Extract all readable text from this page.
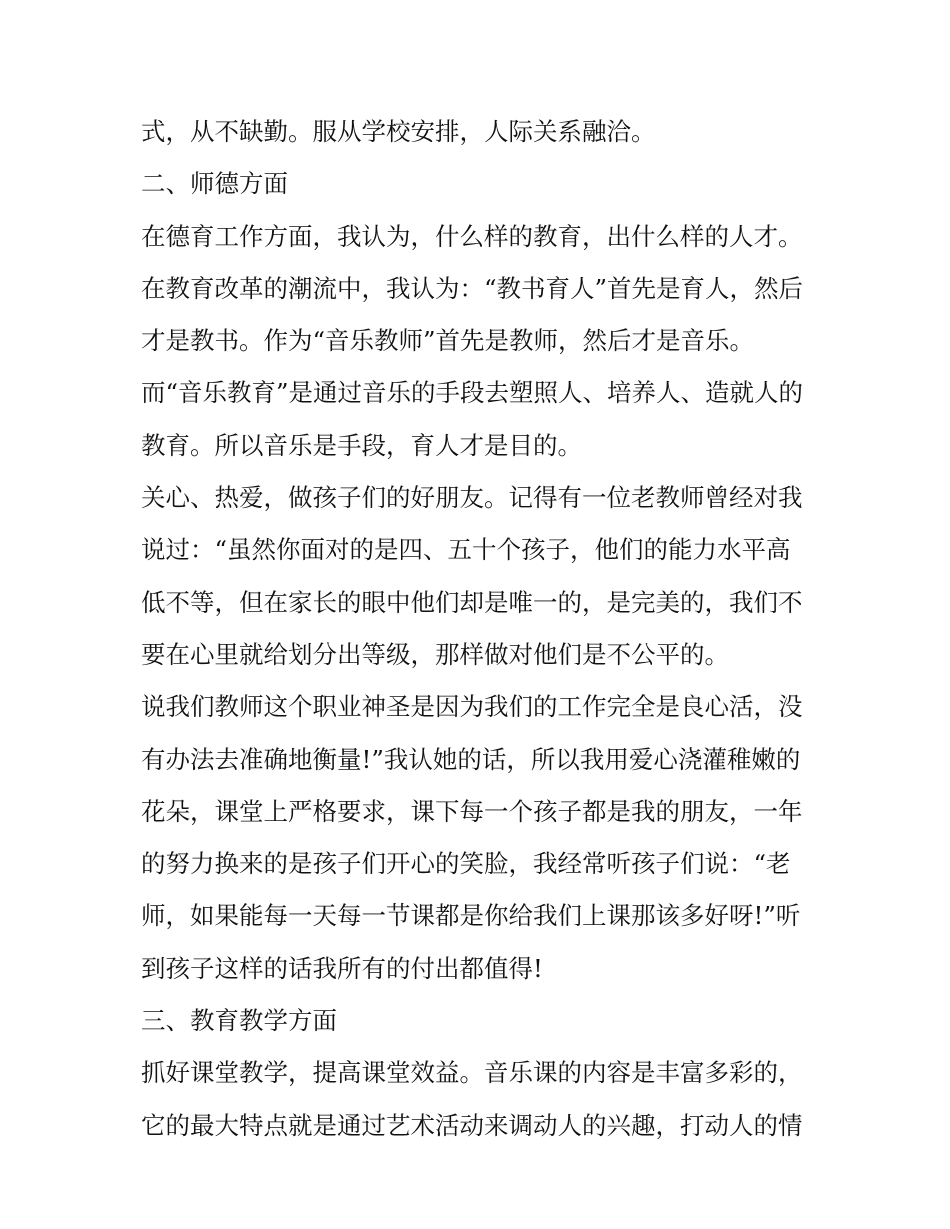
式，从不缺勤。服从学校安排，人际关系融洽。

二、师德方面

在德育工作方面，我认为，什么样的教育，出什么样的人才。

在教育改革的潮流中，我认为：“教书育人”首先是育人，然后

才是教书。作为“音乐教师”首先是教师，然后才是音乐。

而“音乐教育”是通过音乐的手段去塑照人、培养人、造就人的

教育。所以音乐是手段，育人才是目的。

关心、热爱，做孩子们的好朋友。记得有一位老教师曾经对我

说过：“虽然你面对的是四、五十个孩子，他们的能力水平高

低不等，但在家长的眼中他们却是唯一的，是完美的，我们不

要在心里就给划分出等级，那样做对他们是不公平的。

说我们教师这个职业神圣是因为我们的工作完全是良心活，没

有办法去准确地衡量!”我认她的话，所以我用爱心浇灌稚嫩的

花朵，课堂上严格要求，课下每一个孩子都是我的朋友，一年

的努力换来的是孩子们开心的笑脸，我经常听孩子们说：“老

师，如果能每一天每一节课都是你给我们上课那该多好呀!”听

到孩子这样的话我所有的付出都值得!

三、教育教学方面

抓好课堂教学，提高课堂效益。音乐课的内容是丰富多彩的，

它的最大特点就是通过艺术活动来调动人的兴趣，打动人的情
